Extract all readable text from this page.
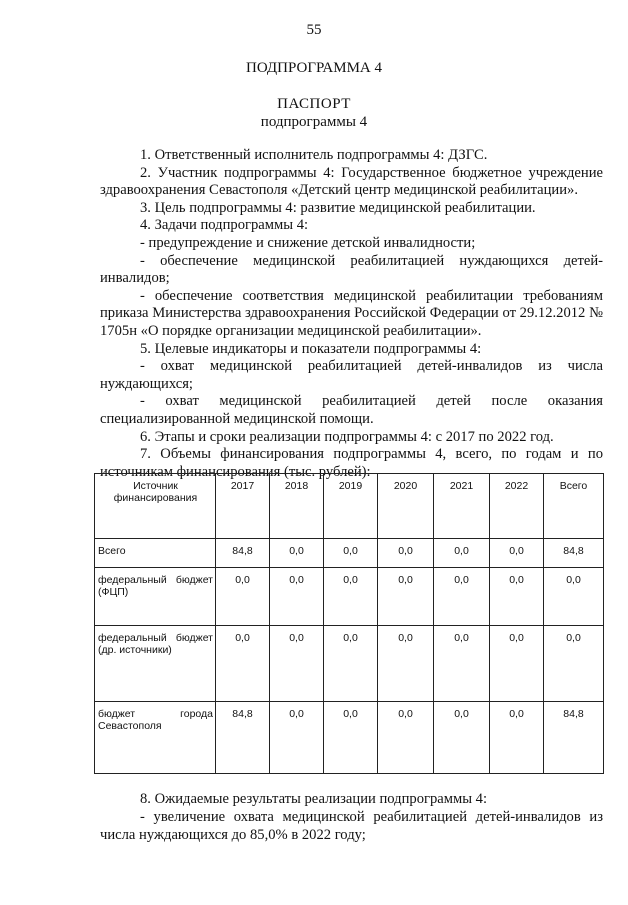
55
ПОДПРОГРАММА 4
ПАСПОРТ
подпрограммы 4

1. Ответственный исполнитель подпрограммы 4: ДЗГС.

2. Участник подпрограммы 4: Государственное бюджетное учреждение здравоохранения Севастополя «Детский центр медицинской реабилитации».

3. Цель подпрограммы 4: развитие медицинской реабилитации.

4. Задачи подпрограммы 4:

- предупреждение и снижение детской инвалидности;

- обеспечение медицинской реабилитацией нуждающихся детей-инвалидов;

- обеспечение соответствия медицинской реабилитации требованиям приказа Министерства здравоохранения Российской Федерации от 29.12.2012 № 1705н «О порядке организации медицинской реабилитации».

5. Целевые индикаторы и показатели подпрограммы 4:

- охват медицинской реабилитацией детей-инвалидов из числа нуждающихся;

- охват медицинской реабилитацией детей после оказания специализированной медицинской помощи.

6. Этапы и сроки реализации подпрограммы 4: с 2017 по 2022 год.

7. Объемы финансирования подпрограммы 4, всего, по годам и по источникам финансирования (тыс. рублей):

Источник финансирования	2017	2018	2019	2020	2021	2022	Всего
Всего	84,8	0,0	0,0	0,0	0,0	0,0	84,8

федеральный бюджет (ФЦП)	0,0	0,0	0,0	0,0	0,0	0,0	0,0

федеральный бюджет (др. источники)	0,0	0,0	0,0	0,0	0,0	0,0	0,0

бюджет города Севастополя	84,8	0,0	0,0	0,0	0,0	0,0	84,8

8. Ожидаемые результаты реализации подпрограммы 4:

- увеличение охвата медицинской реабилитацией детей-инвалидов из числа нуждающихся до 85,0% в 2022 году;
